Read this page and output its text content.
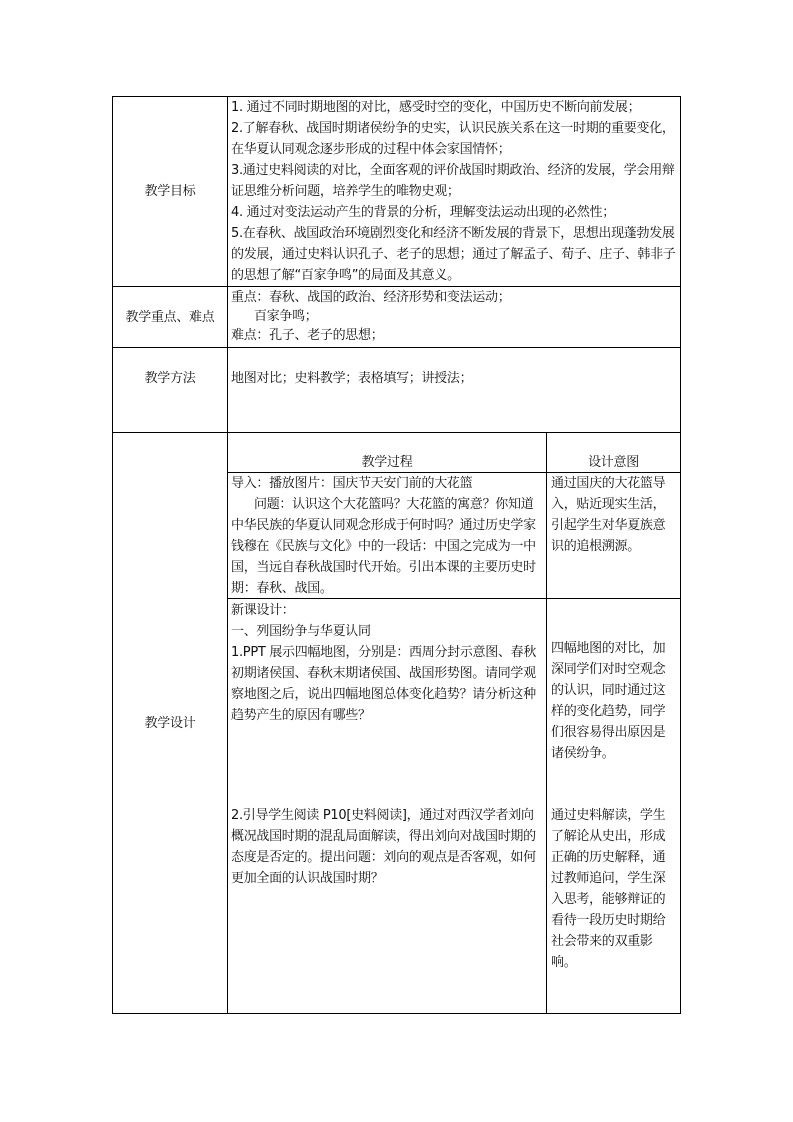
教学目标

1. 通过不同时期地图的对比，感受时空的变化，中国历史不断向前发展；

2.了解春秋、战国时期诸侯纷争的史实，认识民族关系在这一时期的重要变化，在华夏认同观念逐步形成的过程中体会家国情怀；

3.通过史料阅读的对比，全面客观的评价战国时期政治、经济的发展，学会用辩证思维分析问题，培养学生的唯物史观；

4. 通过对变法运动产生的背景的分析，理解变法运动出现的必然性；

5.在春秋、战国政治环境剧烈变化和经济不断发展的背景下，思想出现蓬勃发展的发展，通过史料认识孔子、老子的思想；通过了解孟子、荀子、庄子、韩非子的思想了解“百家争鸣”的局面及其意义。

教学重点、难点

重点：春秋、战国的政治、经济形势和变法运动；

百家争鸣；

难点：孔子、老子的思想；

教学方法	地图对比；史料教学；表格填写；讲授法；

教学设计
教学过程	设计意图

导入：播放图片：国庆节天安门前的大花篮
问题：认识这个大花篮吗？大花篮的寓意？你知道中华民族的华夏认同观念形成于何时吗？通过历史学家钱穆在《民族与文化》中的一段话：中国之完成为一中国，当远自春秋战国时代开始。引出本课的主要历史时期：春秋、战国。

通过国庆的大花篮导入，贴近现实生活，引起学生对华夏族意识的追根溯源。

新课设计：
一、列国纷争与华夏认同
1.PPT 展示四幅地图，分别是：西周分封示意图、春秋初期诸侯国、春秋末期诸侯国、战国形势图。请同学观察地图之后，说出四幅地图总体变化趋势？请分析这种趋势产生的原因有哪些？

2.引导学生阅读 P10[史料阅读]，通过对西汉学者刘向概况战国时期的混乱局面解读，得出刘向对战国时期的态度是否定的。提出问题：刘向的观点是否客观，如何更加全面的认识战国时期？

四幅地图的对比，加深同学们对时空观念的认识，同时通过这样的变化趋势，同学们很容易得出原因是诸侯纷争。

通过史料解读，学生了解论从史出，形成正确的历史解释，通过教师追问，学生深入思考，能够辩证的看待一段历史时期给社会带来的双重影响。
